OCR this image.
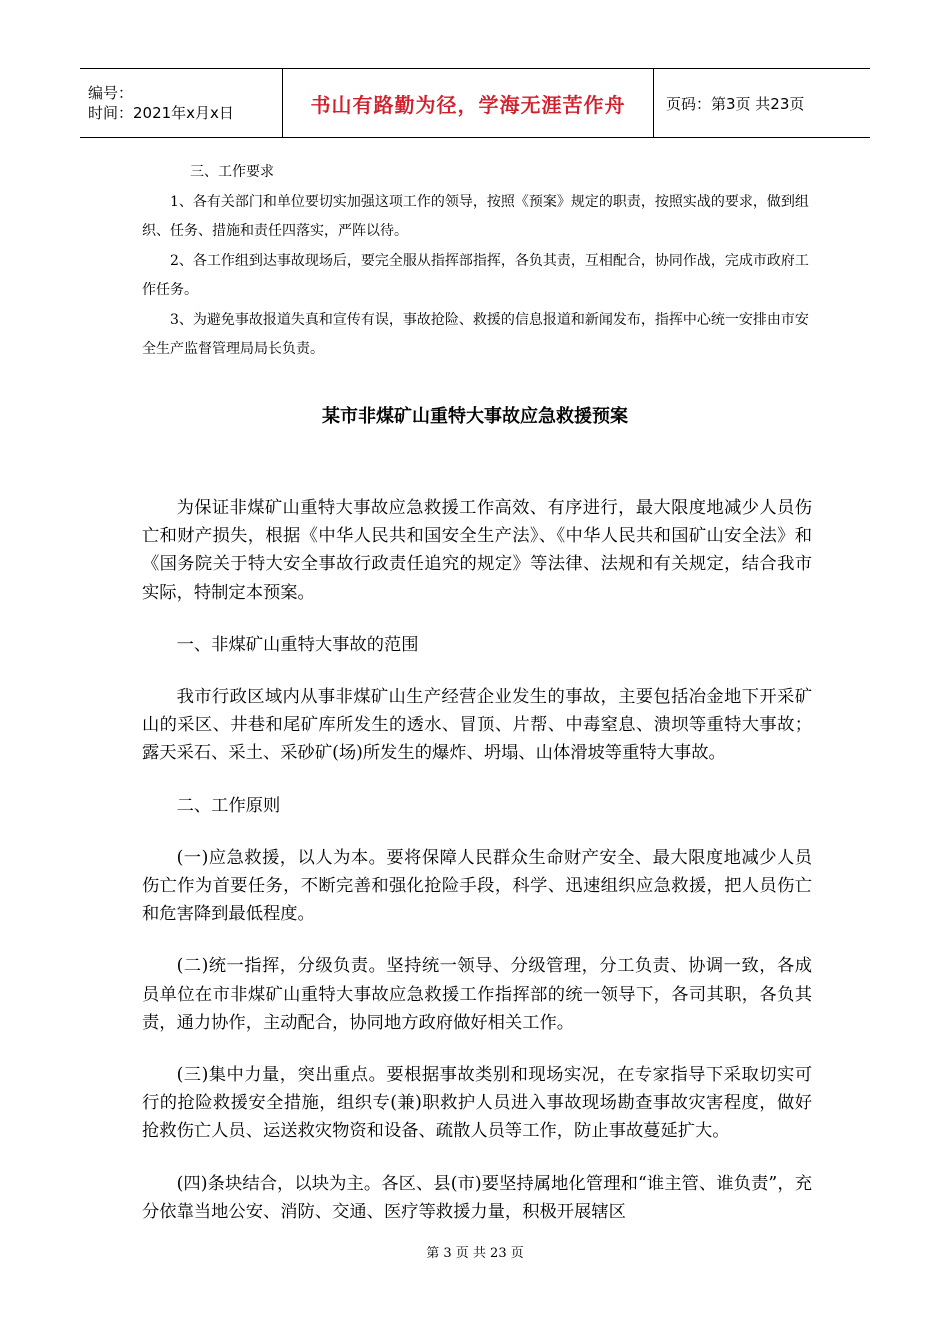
编号：
时间：2021年x月x日	书山有路勤为径，学海无涯苦作舟	页码：第3页 共23页

三、工作要求

1、各有关部门和单位要切实加强这项工作的领导，按照《预案》规定的职责，按照实战的要求，做到组织、任务、措施和责任四落实，严阵以待。

2、各工作组到达事故现场后，要完全服从指挥部指挥，各负其责，互相配合，协同作战，完成市政府工作任务。

3、为避免事故报道失真和宣传有误，事故抢险、救援的信息报道和新闻发布，指挥中心统一安排由市安全生产监督管理局局长负责。

某市非煤矿山重特大事故应急救援预案

为保证非煤矿山重特大事故应急救援工作高效、有序进行，最大限度地减少人员伤亡和财产损失，根据《中华人民共和国安全生产法》、《中华人民共和国矿山安全法》和《国务院关于特大安全事故行政责任追究的规定》等法律、法规和有关规定，结合我市实际，特制定本预案。

一、非煤矿山重特大事故的范围

我市行政区域内从事非煤矿山生产经营企业发生的事故，主要包括冶金地下开采矿山的采区、井巷和尾矿库所发生的透水、冒顶、片帮、中毒窒息、溃坝等重特大事故；露天采石、采土、采砂矿(场)所发生的爆炸、坍塌、山体滑坡等重特大事故。

二、工作原则

(一)应急救援，以人为本。要将保障人民群众生命财产安全、最大限度地减少人员伤亡作为首要任务，不断完善和强化抢险手段，科学、迅速组织应急救援，把人员伤亡和危害降到最低程度。

(二)统一指挥，分级负责。坚持统一领导、分级管理，分工负责、协调一致，各成员单位在市非煤矿山重特大事故应急救援工作指挥部的统一领导下，各司其职，各负其责，通力协作，主动配合，协同地方政府做好相关工作。

(三)集中力量，突出重点。要根据事故类别和现场实况，在专家指导下采取切实可行的抢险救援安全措施，组织专(兼)职救护人员进入事故现场勘查事故灾害程度，做好抢救伤亡人员、运送救灾物资和设备、疏散人员等工作，防止事故蔓延扩大。

(四)条块结合，以块为主。各区、县(市)要坚持属地化管理和“谁主管、谁负责”，充分依靠当地公安、消防、交通、医疗等救援力量，积极开展辖区

第 3 页 共 23 页
